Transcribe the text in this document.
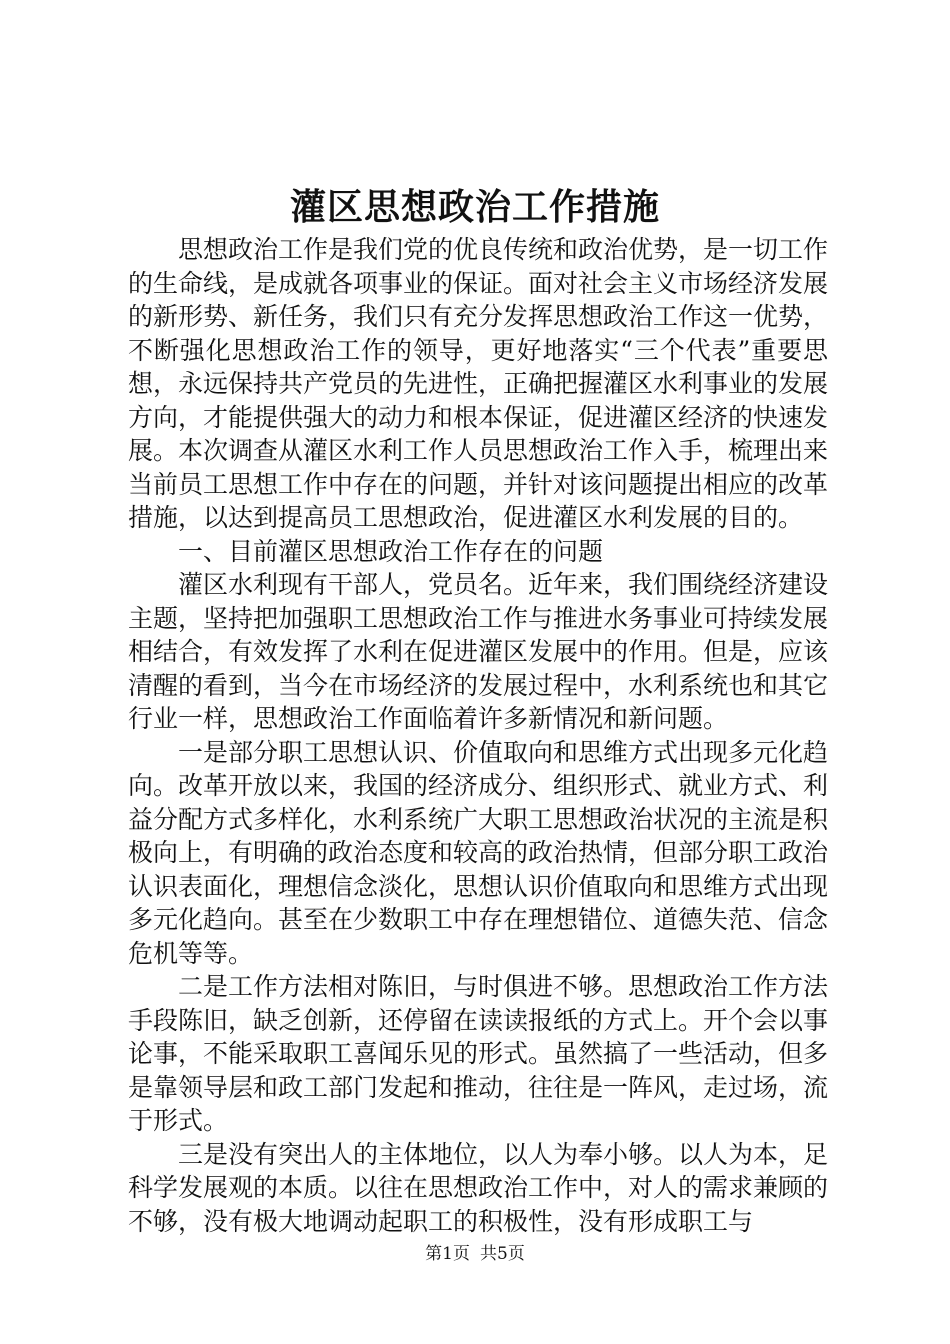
灌区思想政治工作措施

思想政治工作是我们党的优良传统和政治优势，是一切工作的生命线，是成就各项事业的保证。面对社会主义市场经济发展的新形势、新任务，我们只有充分发挥思想政治工作这一优势，不断强化思想政治工作的领导，更好地落实“三个代表”重要思想，永远保持共产党员的先进性，正确把握灌区水利事业的发展方向，才能提供强大的动力和根本保证，促进灌区经济的快速发展。本次调查从灌区水利工作人员思想政治工作入手，梳理出来当前员工思想工作中存在的问题，并针对该问题提出相应的改革措施，以达到提高员工思想政治，促进灌区水利发展的目的。

一、目前灌区思想政治工作存在的问题

灌区水利现有干部人，党员名。近年来，我们围绕经济建设主题，坚持把加强职工思想政治工作与推进水务事业可持续发展相结合，有效发挥了水利在促进灌区发展中的作用。但是，应该清醒的看到，当今在市场经济的发展过程中，水利系统也和其它行业一样，思想政治工作面临着许多新情况和新问题。

一是部分职工思想认识、价值取向和思维方式出现多元化趋向。改革开放以来，我国的经济成分、组织形式、就业方式、利益分配方式多样化，水利系统广大职工思想政治状况的主流是积极向上，有明确的政治态度和较高的政治热情，但部分职工政治认识表面化，理想信念淡化，思想认识价值取向和思维方式出现多元化趋向。甚至在少数职工中存在理想错位、道德失范、信念危机等等。

二是工作方法相对陈旧，与时俱进不够。思想政治工作方法手段陈旧，缺乏创新，还停留在读读报纸的方式上。开个会以事论事，不能采取职工喜闻乐见的形式。虽然搞了一些活动，但多是靠领导层和政工部门发起和推动，往往是一阵风，走过场，流于形式。

三是没有突出人的主体地位，以人为奉小够。以人为本，足科学发展观的本质。以往在思想政治工作中，对人的需求兼顾的不够，没有极大地调动起职工的积极性，没有形成职工与

第1页 共5页
